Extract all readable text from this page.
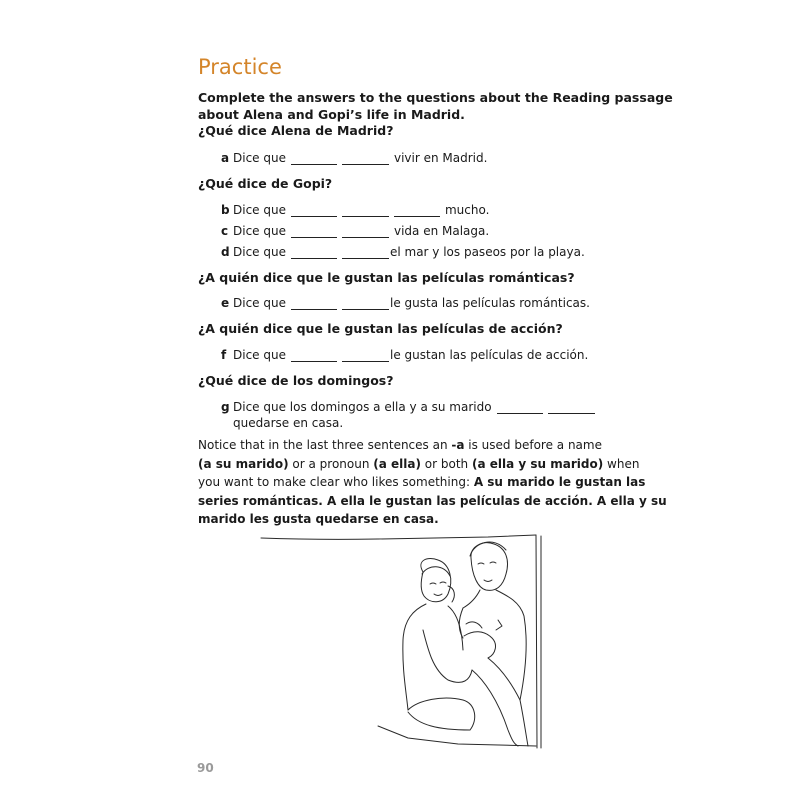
Practice
Complete the answers to the questions about the Reading passage
about Alena and Gopi’s life in Madrid.
¿Qué dice Alena de Madrid?
a Dice que	vivir en Madrid.
¿Qué dice de Gopi?
b Dice que	mucho.
c Dice que	vida en Malaga.
d Dice que	el mar y los paseos por la playa.
¿A quién dice que le gustan las películas románticas?
e Dice que	le gusta las películas románticas.
¿A quién dice que le gustan las películas de acción?
f Dice que	le gustan las películas de acción.
¿Qué dice de los domingos?
g Dice que los domingos a ella y a su marido
quedarse en casa.
Notice that in the last three sentences an -a is used before a name
(a su marido) or a pronoun (a ella) or both (a ella y su marido) when
you want to make clear who likes something: A su marido le gustan las
series románticas. A ella le gustan las películas de acción. A ella y su
marido les gusta quedarse en casa.
90
